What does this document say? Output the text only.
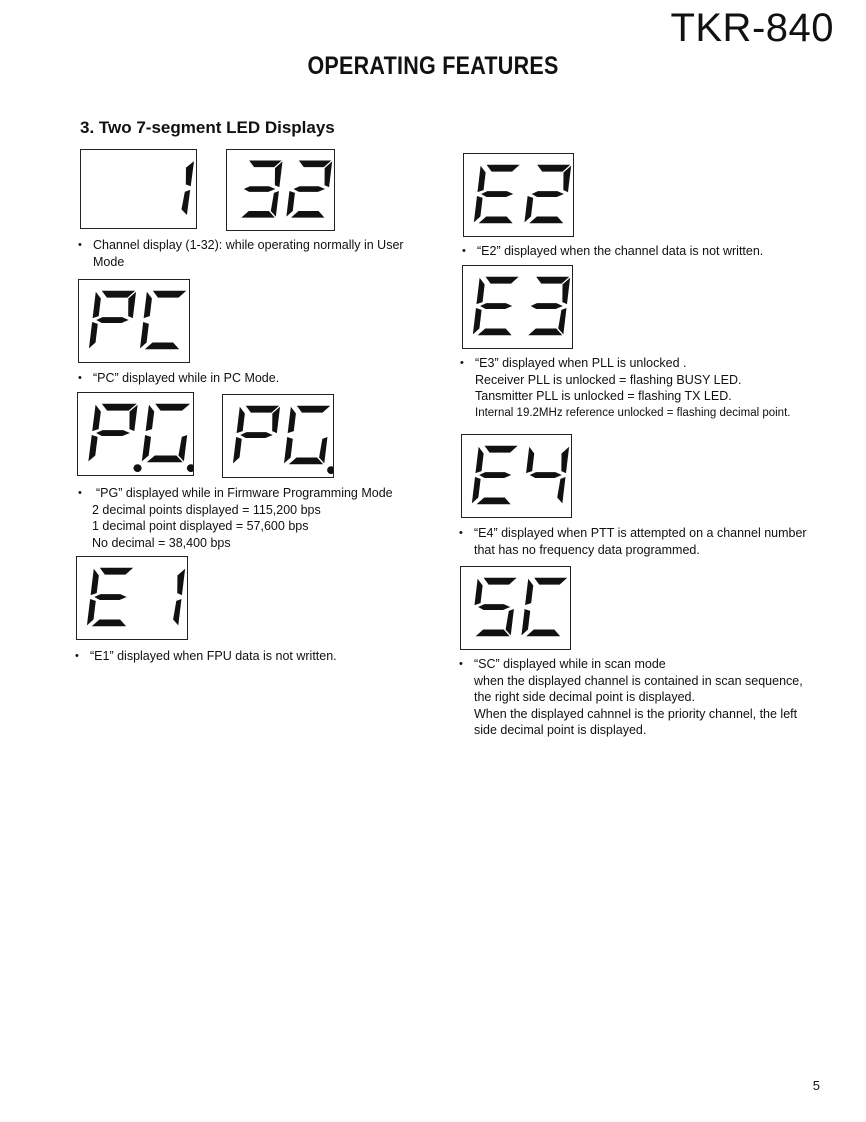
TKR-840
OPERATING FEATURES
3. Two 7-segment LED Displays
• Channel display (1-32): while operating normally in User
Mode
• “PC” displayed while in PC Mode.
• “PG” displayed while in Firmware Programming Mode
2 decimal points displayed = 115,200 bps
1 decimal point displayed = 57,600 bps
No decimal = 38,400 bps
• “E1” displayed when FPU data is not written.
• “E2” displayed when the channel data is not written.
• “E3” displayed when PLL is unlocked .
Receiver PLL is unlocked = flashing BUSY LED.
Tansmitter PLL is unlocked = flashing TX LED.
Internal 19.2MHz reference unlocked = flashing decimal point.
• “E4” displayed when PTT is attempted on a channel number
that has no frequency data programmed.
• “SC” displayed while in scan mode
when the displayed channel is contained in scan sequence,
the right side decimal point is displayed.
When the displayed cahnnel is the priority channel, the left
side decimal point is displayed.
5
